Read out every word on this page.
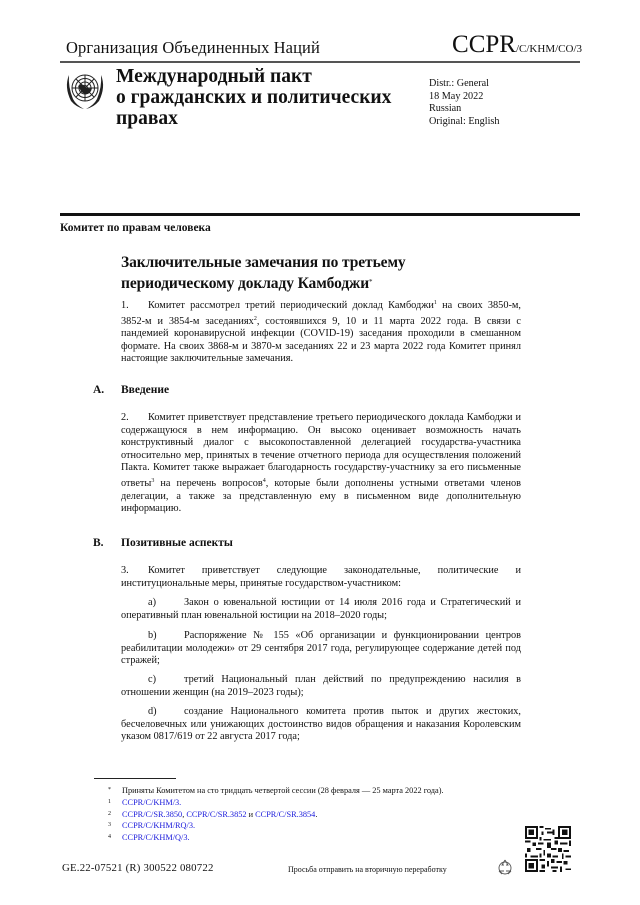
Организация Объединенных Наций	CCPR/C/KHM/CO/3
Международный пакт
о гражданских и политических
правах
Distr.: General
18 May 2022
Russian
Original: English
Комитет по правам человека
Заключительные замечания по третьему
периодическому докладу Камбоджи*
1. Комитет рассмотрел третий периодический доклад Камбоджи$^1$ на своих 3850-м, 3852-м и 3854-м заседаниях$^2$, состоявшихся 9, 10 и 11 марта 2022 года. В связи с пандемией коронавирусной инфекции (COVID-19) заседания проходили в смешанном формате. На своих 3868-м и 3870-м заседаниях 22 и 23 марта 2022 года Комитет принял настоящие заключительные замечания.
A. Введение
2. Комитет приветствует представление третьего периодического доклада Камбоджи и содержащуюся в нем информацию. Он высоко оценивает возможность начать конструктивный диалог с высокопоставленной делегацией государства-участника относительно мер, принятых в течение отчетного периода для осуществления положений Пакта. Комитет также выражает благодарность государству-участнику за его письменные ответы$^3$ на перечень вопросов$^4$, которые были дополнены устными ответами членов делегации, а также за представленную ему в письменном виде дополнительную информацию.
B. Позитивные аспекты
3. Комитет приветствует следующие законодательные, политические и институциональные меры, принятые государством-участником:
a)	Закон о ювенальной юстиции от 14 июля 2016 года и Стратегический и оперативный план ювенальной юстиции на 2018–2020 годы;
b)	Распоряжение № 155 «Об организации и функционировании центров реабилитации молодежи» от 29 сентября 2017 года, регулирующее содержание детей под стражей;
c)	третий Национальный план действий по предупреждению насилия в отношении женщин (на 2019–2023 годы);
d)	создание Национального комитета против пыток и других жестоких, бесчеловечных или унижающих достоинство видов обращения и наказания Королевским указом 0817/619 от 22 августа 2017 года;
* Приняты Комитетом на сто тридцать четвертой сессии (28 февраля — 25 марта 2022 года).
1 CCPR/C/KHM/3.
2 CCPR/C/SR.3850, CCPR/C/SR.3852 и CCPR/C/SR.3854.
3 CCPR/C/KHM/RQ/3.
4 CCPR/C/KHM/Q/3.
GE.22-07521 (R) 300522 080722	Просьба отправить на вторичную переработку
